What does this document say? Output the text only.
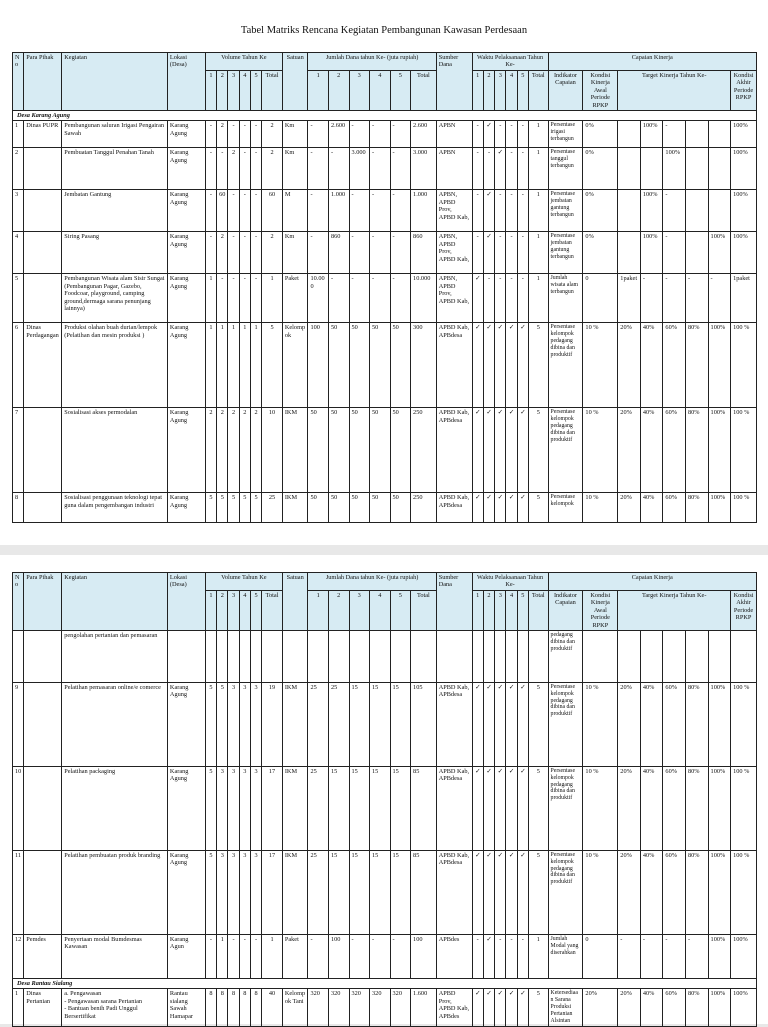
Tabel Matriks Rencana Kegiatan Pembangunan Kawasan Perdesaan
No	Para Pihak	Kegiatan	Lokasi (Desa)	Volume Tahun Ke						Satuan	Jumlah Dana tahun Ke- (juta rupiah)						Sumber Dana	Waktu Pelaksanaan Tahun Ke-						Capaian Kinerja							
				1	2	3	4	5	Total		1	2	3	4	5	Total		1	2	3	4	5	Total	Indikator Capaian	Kondisi Kinerja Awal Periode RPKP	Target Kinerja Tahun Ke-					Kondisi Akhir Periode RPKP
Desa Karang Agung																															
1	Dinas PUPR	Pembangunan saluran Irigasi Pengairan Sawah	Karang Agung	-	2	-	-	-	2	Km	-	2.600	-	-	-	2.600	APBN	-	✓	-	-	-	1	Persentase irigasi terbangun	0%		100%	-			100%
2		Pembuatan Tanggul Penahan Tanah	Karang Agung	-	-	2	-	-	2	Km	-	-	3.000	-	-	3.000	APBN	-	-	✓	-	-	1	Persentase tanggul terbangun	0%			100%			100%
3		Jembatan Gantung	Karang Agung	-	60	-	-	-	60	M	-	1.000	-	-	-	1.000	APBN, APBD Prov, APBD Kab,	-	✓	-	-	-	1	Persentase jembatan gantung terbangun	0%		100%	-			100%
4		Siring Pasang	Karang Agung	-	2	-	-	-	2	Km	-	860	-	-	-	860	APBN, APBD Prov, APBD Kab,	-	✓	-	-	-	1	Persentase jembatan gantung terbangun	0%		100%	-		100%	100%
5		Pembangunan Wisata alam Sisir Sungai (Pembangunan Pagar, Gazebo, Foodcoar, playground, camping ground,dermaga sarana penunjang lainnya)	Karang Agung	1	-	-	-	-	1	Paket	10.000	-	-	-	-	10.000	APBN, APBD Prov, APBD Kab,	✓	-	-	-	-	1	Jumlah wisata alam terbangun	0	1paket	-	-	-	-	1paket
6	Dinas Perdagangan	Produksi olahan buah durian/lempok (Pelatihan dan mesin produksi )	Karang Agung	1	1	1	1	1	5	Kelompok	100	50	50	50	50	300	APBD Kab, APBdesa	✓	✓	✓	✓	✓	5	Persentase kelompok pedagang dibina dan produktif	10 %	20%	40%	60%	80%	100%	100 %
7		Sosialisasi akses permodalan	Karang Agung	2	2	2	2	2	10	IKM	50	50	50	50	50	250	APBD Kab, APBdesa	✓	✓	✓	✓	✓	5	Persentase kelompok pedagang dibina dan produktif	10 %	20%	40%	60%	80%	100%	100 %
8		Sosialisasi penggunaan teknologi tepat guna dalam pengembangan industri	Karang Agung	5	5	5	5	5	25	IKM	50	50	50	50	50	250	APBD Kab, APBdesa	✓	✓	✓	✓	✓	5	Persentase kelompok	10 %	20%	40%	60%	80%	100%	100 %
No	Para Pihak	Kegiatan	Lokasi (Desa)	Volume Tahun Ke						Satuan	Jumlah Dana tahun Ke- (juta rupiah)						Sumber Dana	Waktu Pelaksanaan Tahun Ke-						Capaian Kinerja							
				1	2	3	4	5	Total		1	2	3	4	5	Total		1	2	3	4	5	Total	Indikator Capaian	Kondisi Kinerja Awal Periode RPKP	Target Kinerja Tahun Ke-					Kondisi Akhir Periode RPKP
		pengolahan pertanian dan pemasaran																						pedagang dibina dan produktif							
9		Pelatihan pemasaran online/e comerce	Karang Agung	5	5	3	3	3	19	IKM	25	25	15	15	15	105	APBD Kab, APBdesa	✓	✓	✓	✓	✓	5	Persentase kelompok pedagang dibina dan produktif	10 %	20%	40%	60%	80%	100%	100 %
10		Pelatihan packaging	Karang Agung	5	3	3	3	3	17	IKM	25	15	15	15	15	85	APBD Kab, APBdesa	✓	✓	✓	✓	✓	5	Persentase kelompok pedagang dibina dan produktif	10 %	20%	40%	60%	80%	100%	100 %
11		Pelatihan pembuatan produk branding	Karang Agung	5	3	3	3	3	17	IKM	25	15	15	15	15	85	APBD Kab, APBdesa	✓	✓	✓	✓	✓	5	Persentase kelompok pedagang dibina dan produktif	10 %	20%	40%	60%	80%	100%	100 %
12	Pemdes	Penyertaan modal Bumdesmas Kawasan	Karang Agun	-	1	-	-	-	1	Paket	-	100	-	-	-	100	APBdes	-	✓	-	-	-	1	Jumlah Modal yang diserahkan	0	-	-	-	-	100%	100%
Desa Rantau Sialang																															
1	Dinas Pertanian	a. Pengawasan
- Pengawasan sarana Pertanian
- Bantuan benih Padi Unggul Bersertifikat	Rantau sialang Sawah Hamapar	8	8	8	8	8	40	Kelompok Tani	320	320	320	320	320	1.600	APBD Prov, APBD Kab, APBdes	✓	✓	✓	✓	✓	5	Ketersediaan Sarana Produksi Pertanian Alsintan	20%	20%	40%	60%	80%	100%	100%
